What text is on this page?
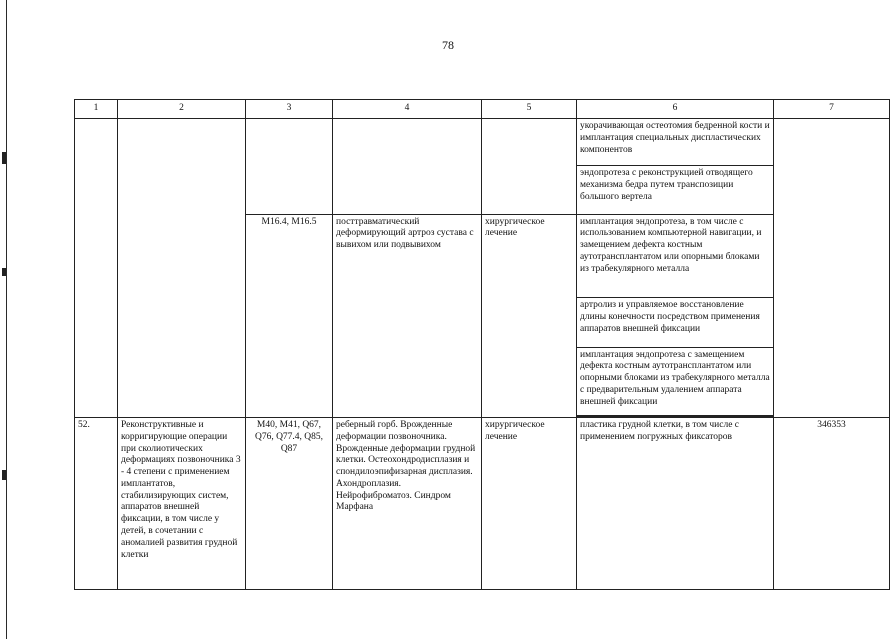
78
1	2	3	4	5	6	7
					укорачивающая остеотомия бедренной кости и имплантация специальных диспластических компонентов	
					эндопротеза с реконструкцией отводящего механизма бедра путем транспозиции большого вертела	
		M16.4, M16.5	посттравматический деформирующий артроз сустава с вывихом или подвывихом	хирургическое лечение	имплантация эндопротеза, в том числе с использованием компьютерной навигации, и замещением дефекта костным аутотрансплантатом или опорными блоками из трабекулярного металла	
					артролиз и управляемое восстановление длины конечности посредством применения аппаратов внешней фиксации	
					имплантация эндопротеза с замещением дефекта костным аутотрансплантатом или опорными блоками из трабекулярного металла с предварительным удалением аппарата внешней фиксации	

52.	Реконструктивные и корригирующие операции при сколиотических деформациях позвоночника 3 - 4 степени с применением имплантатов, стабилизирующих систем, аппаратов внешней фиксации, в том числе у детей, в сочетании с аномалией развития грудной клетки	M40, M41, Q67, Q76, Q77.4, Q85, Q87	реберный горб. Врожденные деформации позвоночника. Врожденные деформации грудной клетки. Остеохондродисплазия и спондилоэпифизарная дисплазия. Ахондроплазия. Нейрофиброматоз. Синдром Марфана	хирургическое лечение	пластика грудной клетки, в том числе с применением погружных фиксаторов	346353
